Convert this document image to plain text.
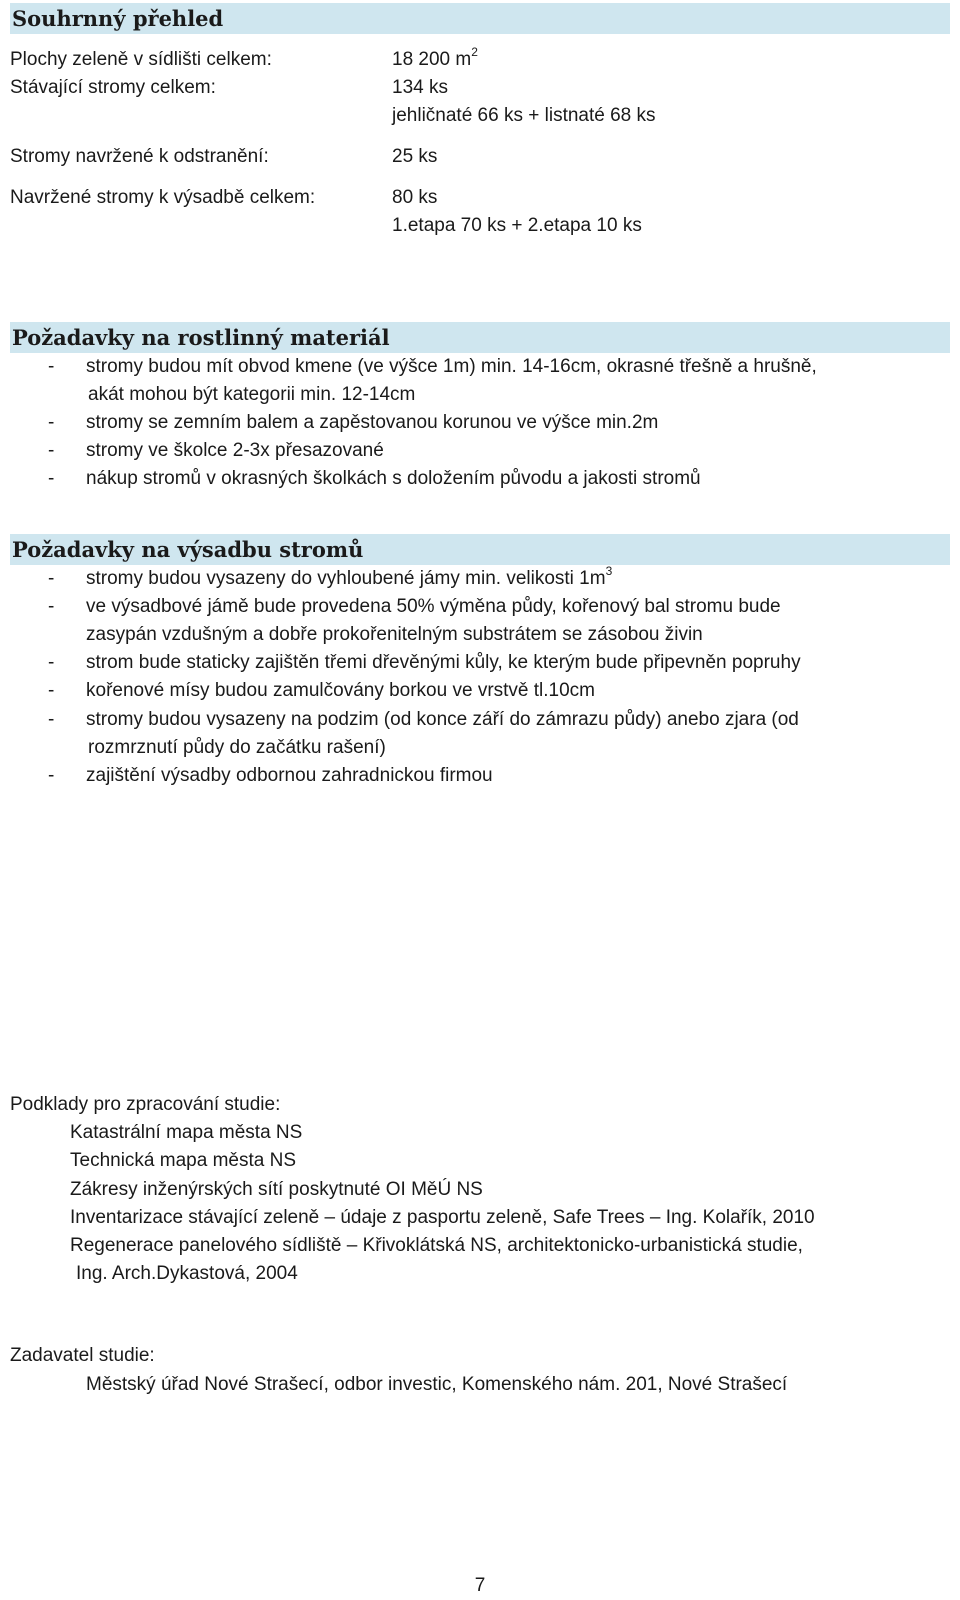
Souhrnný přehled
Plochy zeleně v sídlišti celkem:	18 200 $m^2$
Stávající stromy celkem:	134 ks
jehličnaté 66 ks + listnaté 68 ks
Stromy navržené k odstranění:	25 ks
Navržené stromy k výsadbě celkem:	80 ks
1.etapa 70 ks + 2.etapa 10 ks
Požadavky na rostlinný materiál
- stromy budou mít obvod kmene (ve výšce 1m) min. 14-16cm, okrasné třešně a hrušně,
akát mohou být kategorii min. 12-14cm
- stromy se zemním balem a zapěstovanou korunou ve výšce min.2m
- stromy ve školce 2-3x přesazované
- nákup stromů v okrasných školkách s doložením původu a jakosti stromů
Požadavky na výsadbu stromů
- stromy budou vysazeny do vyhloubené jámy min. velikosti $1m^3$
- ve výsadbové jámě bude provedena 50% výměna půdy, kořenový bal stromu bude
zasypán vzdušným a dobře prokořenitelným substrátem se zásobou živin
- strom bude staticky zajištěn třemi dřevěnými kůly, ke kterým bude připevněn popruhy
- kořenové mísy budou zamulčovány borkou ve vrstvě tl.10cm
- stromy budou vysazeny na podzim (od konce září do zámrazu půdy) anebo zjara (od
rozmrznutí půdy do začátku rašení)
- zajištění výsadby odbornou zahradnickou firmou
Podklady pro zpracování studie:
Katastrální mapa města NS
Technická mapa města NS
Zákresy inženýrských sítí poskytnuté OI MěÚ NS
Inventarizace stávající zeleně – údaje z pasportu zeleně, Safe Trees – Ing. Kolařík, 2010
Regenerace panelového sídliště – Křivoklátská NS, architektonicko-urbanistická studie,
Ing. Arch.Dykastová, 2004
Zadavatel studie:
Městský úřad Nové Strašecí, odbor investic, Komenského nám. 201, Nové Strašecí
7
